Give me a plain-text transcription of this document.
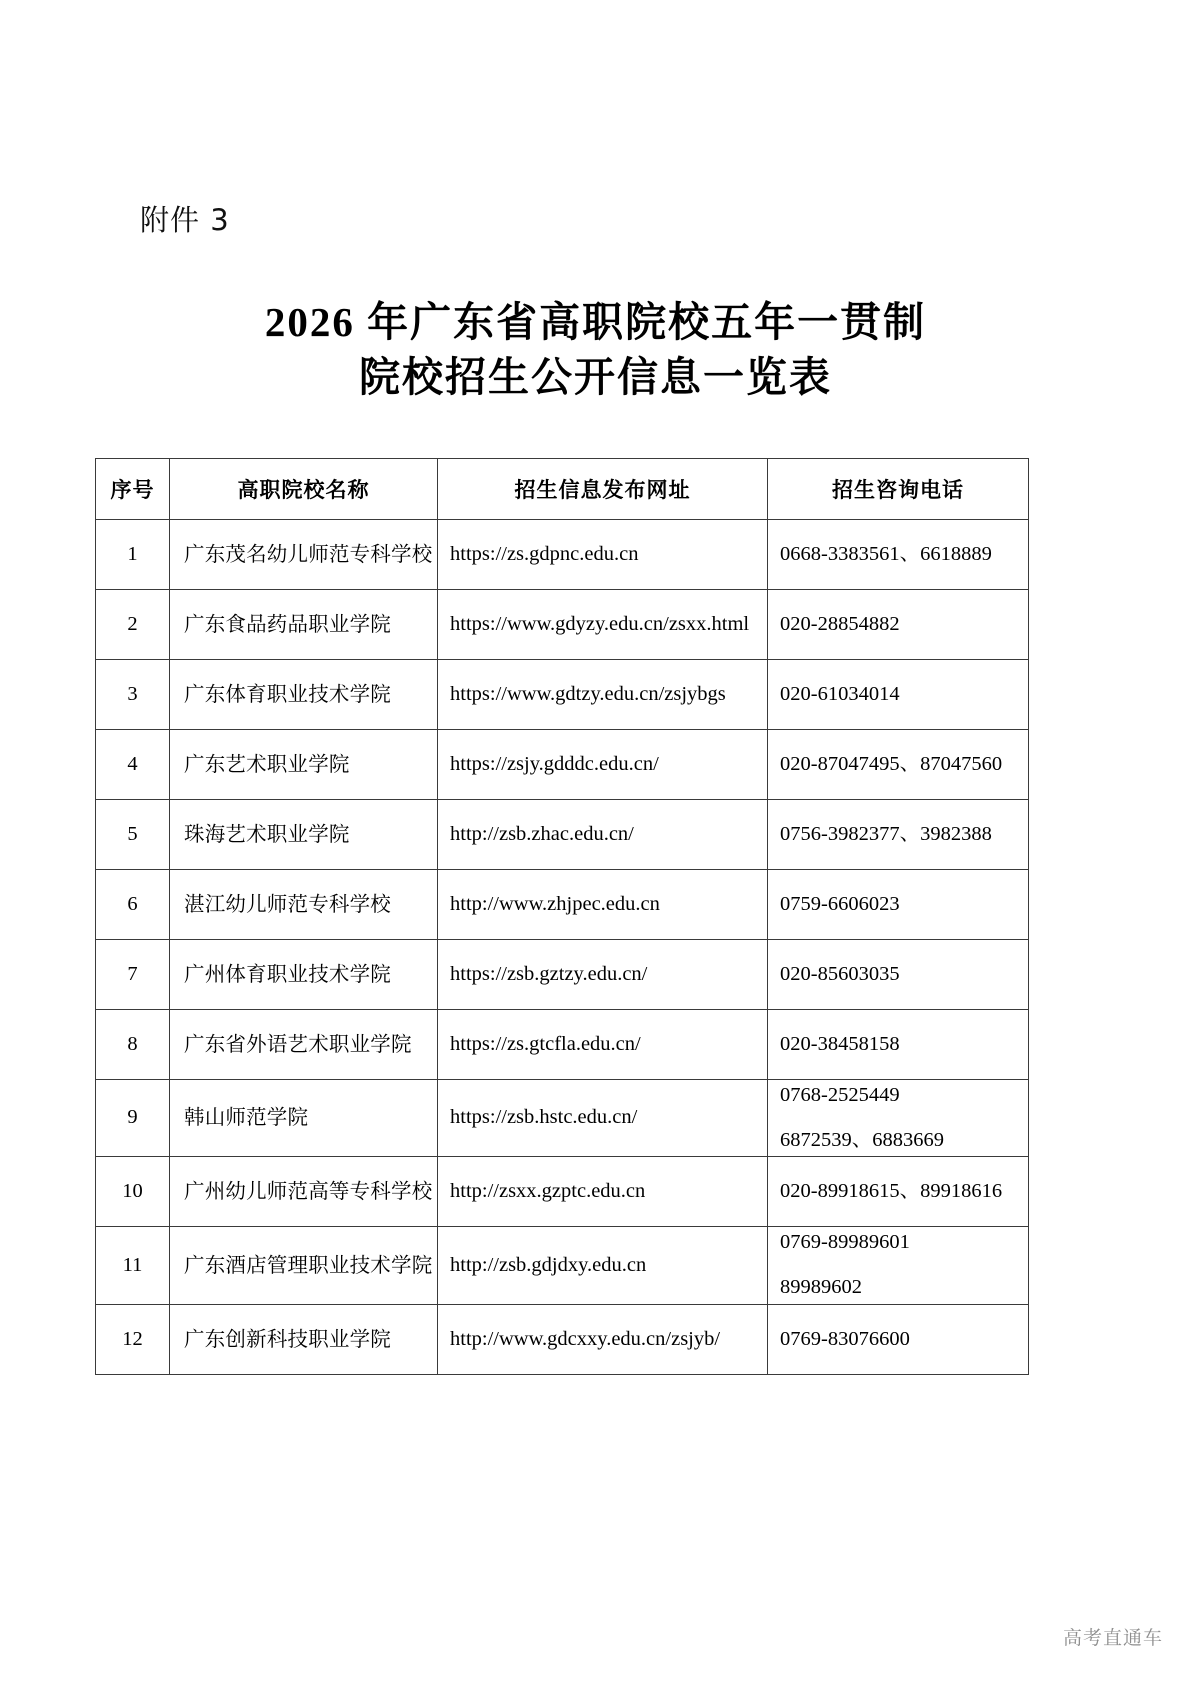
附件 3
2026 年广东省高职院校五年一贯制
院校招生公开信息一览表
序号	高职院校名称	招生信息发布网址	招生咨询电话
1	广东茂名幼儿师范专科学校	https://zs.gdpnc.edu.cn	0668-3383561、6618889

2	广东食品药品职业学院	https://www.gdyzy.edu.cn/zsxx.html	020-28854882

3	广东体育职业技术学院	https://www.gdtzy.edu.cn/zsjybgs	020-61034014

4	广东艺术职业学院	https://zsjy.gdddc.edu.cn/	020-87047495、87047560

5	珠海艺术职业学院	http://zsb.zhac.edu.cn/	0756-3982377、3982388

6	湛江幼儿师范专科学校	http://www.zhjpec.edu.cn	0759-6606023

7	广州体育职业技术学院	https://zsb.gztzy.edu.cn/	020-85603035

8	广东省外语艺术职业学院	https://zs.gtcfla.edu.cn/	020-38458158

9	韩山师范学院	https://zsb.hstc.edu.cn/	0768-2525449
6872539、6883669

10	广州幼儿师范高等专科学校	http://zsxx.gzptc.edu.cn	020-89918615、89918616

11	广东酒店管理职业技术学院	http://zsb.gdjdxy.edu.cn	0769-89989601
89989602

12	广东创新科技职业学院	http://www.gdcxxy.edu.cn/zsjyb/	0769-83076600
高考直通车
